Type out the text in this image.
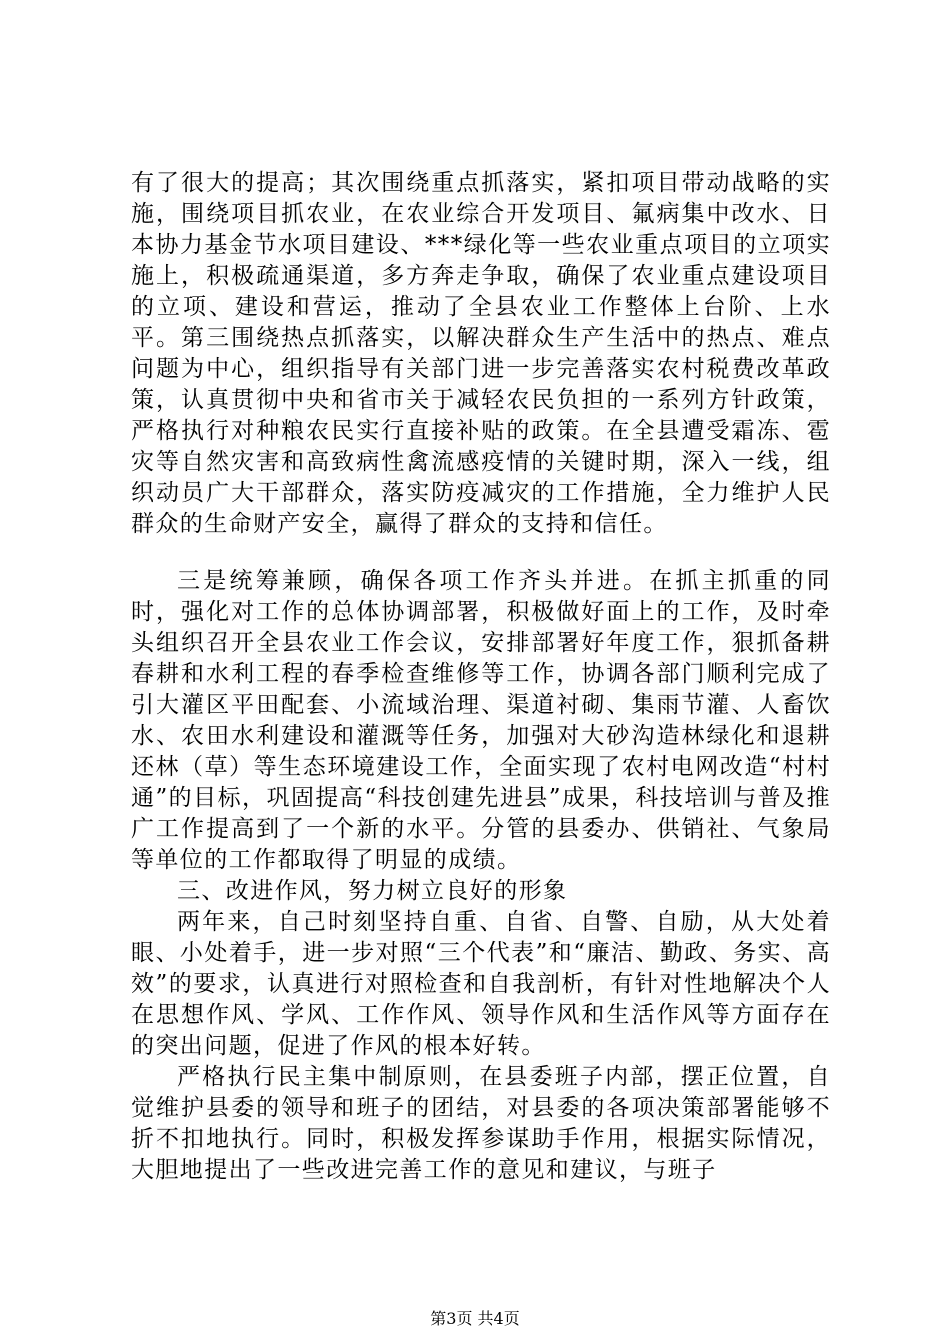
有了很大的提高；其次围绕重点抓落实，紧扣项目带动战略的实施，围绕项目抓农业，在农业综合开发项目、氟病集中改水、日本协力基金节水项目建设、***绿化等一些农业重点项目的立项实施上，积极疏通渠道，多方奔走争取，确保了农业重点建设项目的立项、建设和营运，推动了全县农业工作整体上台阶、上水平。第三围绕热点抓落实，以解决群众生产生活中的热点、难点问题为中心，组织指导有关部门进一步完善落实农村税费改革政策，认真贯彻中央和省市关于减轻农民负担的一系列方针政策，严格执行对种粮农民实行直接补贴的政策。在全县遭受霜冻、雹灾等自然灾害和高致病性禽流感疫情的关键时期，深入一线，组织动员广大干部群众，落实防疫减灾的工作措施，全力维护人民群众的生命财产安全，赢得了群众的支持和信任。

三是统筹兼顾，确保各项工作齐头并进。在抓主抓重的同时，强化对工作的总体协调部署，积极做好面上的工作，及时牵头组织召开全县农业工作会议，安排部署好年度工作，狠抓备耕春耕和水利工程的春季检查维修等工作，协调各部门顺利完成了引大灌区平田配套、小流域治理、渠道衬砌、集雨节灌、人畜饮水、农田水利建设和灌溉等任务，加强对大砂沟造林绿化和退耕还林（草）等生态环境建设工作，全面实现了农村电网改造“村村通”的目标，巩固提高“科技创建先进县”成果，科技培训与普及推广工作提高到了一个新的水平。分管的县委办、供销社、气象局等单位的工作都取得了明显的成绩。

三、改进作风，努力树立良好的形象

两年来，自己时刻坚持自重、自省、自警、自励，从大处着眼、小处着手，进一步对照“三个代表”和“廉洁、勤政、务实、高效”的要求，认真进行对照检查和自我剖析，有针对性地解决个人在思想作风、学风、工作作风、领导作风和生活作风等方面存在的突出问题，促进了作风的根本好转。

严格执行民主集中制原则，在县委班子内部，摆正位置，自觉维护县委的领导和班子的团结，对县委的各项决策部署能够不折不扣地执行。同时，积极发挥参谋助手作用，根据实际情况，大胆地提出了一些改进完善工作的意见和建议，与班子

第3页 共4页
